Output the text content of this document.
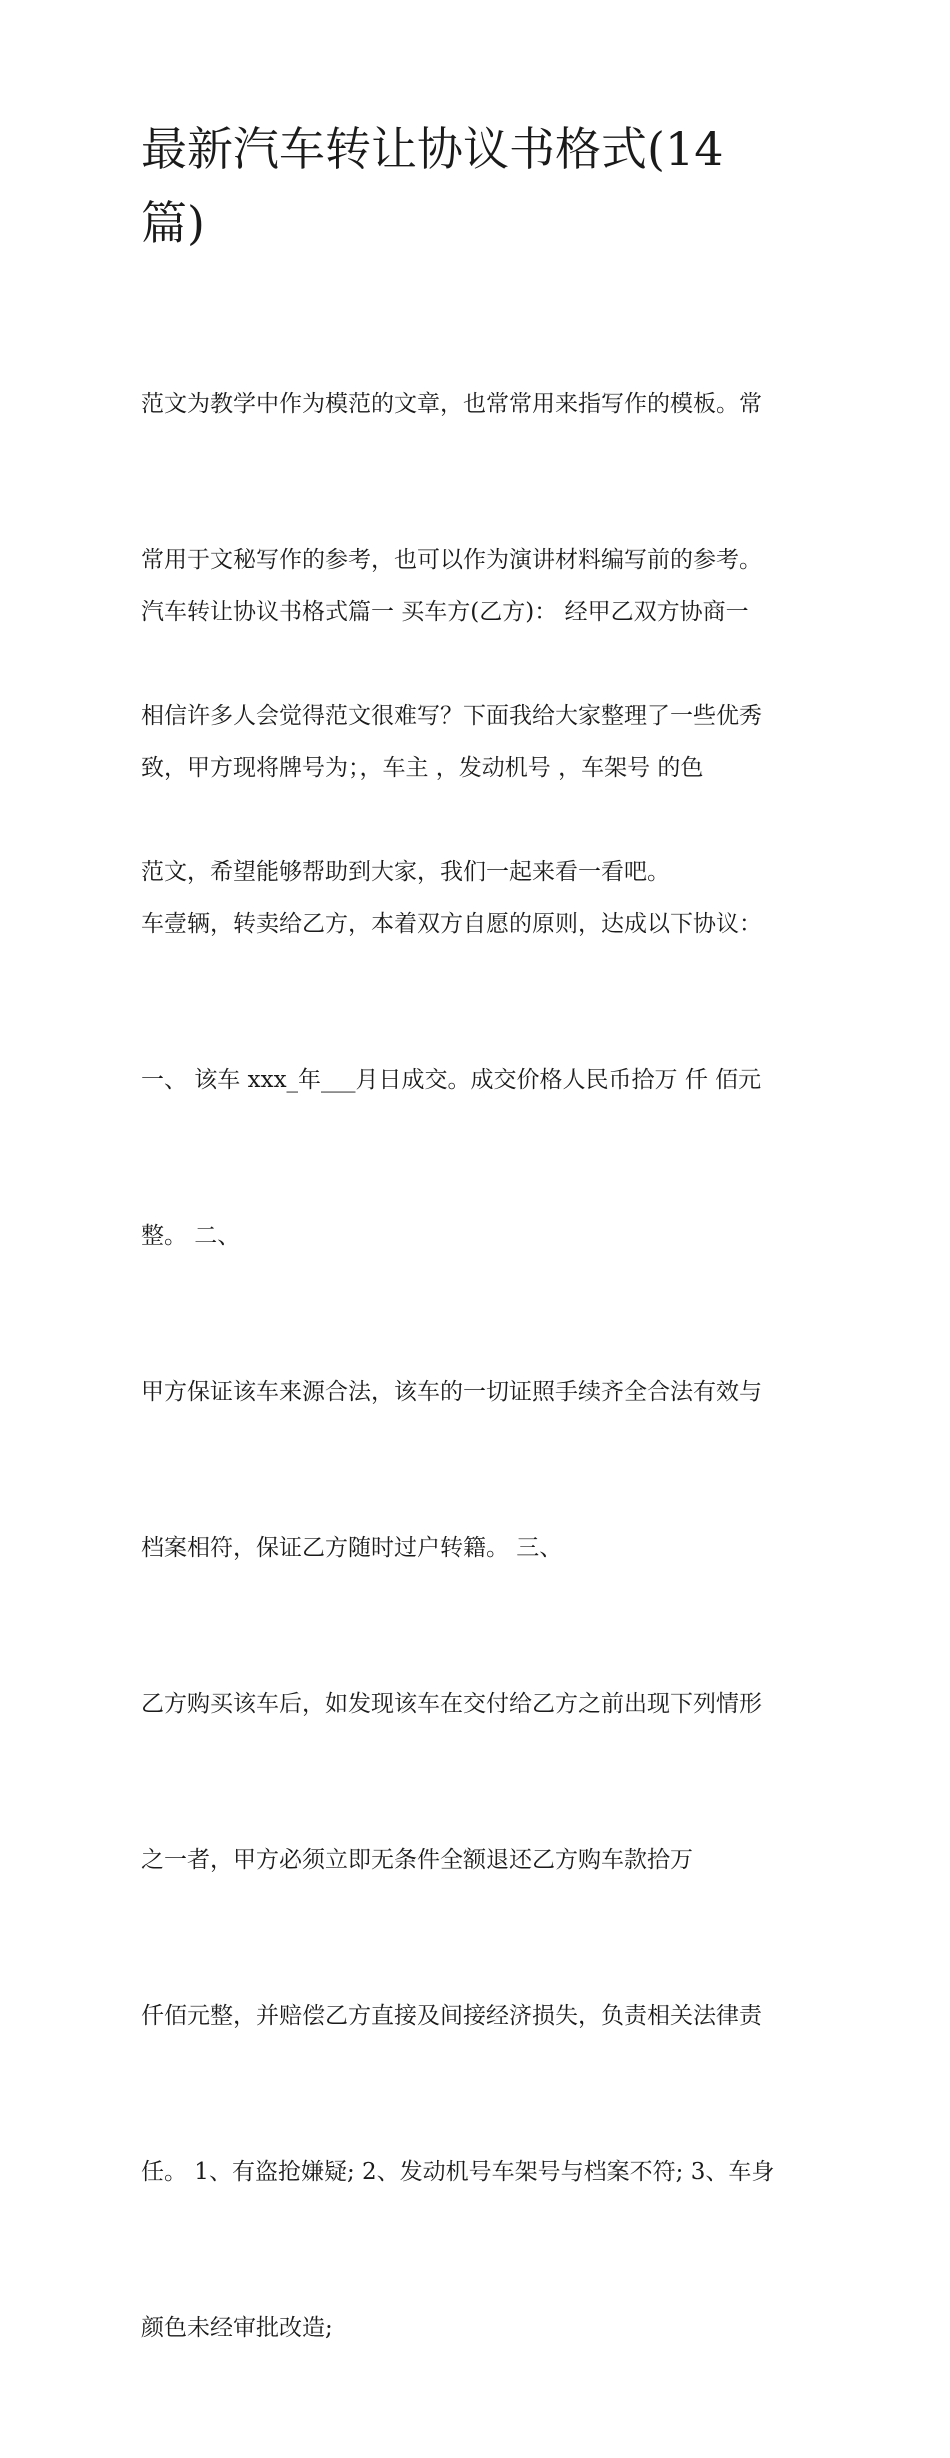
最新汽车转让协议书格式(14
篇)

范文为教学中作为模范的文章，也常常用来指写作的模板。常

常用于文秘写作的参考，也可以作为演讲材料编写前的参考。

相信许多人会觉得范文很难写？下面我给大家整理了一些优秀

范文，希望能够帮助到大家，我们一起来看一看吧。

汽车转让协议书格式篇一 买车方(乙方)： 经甲乙双方协商一

致，甲方现将牌号为；，车主 ，发动机号 ，车架号 的色

车壹辆，转卖给乙方，本着双方自愿的原则，达成以下协议：

一、 该车 xxx_年___月日成交。成交价格人民币拾万 仟 佰元

整。 二、

甲方保证该车来源合法，该车的一切证照手续齐全合法有效与

档案相符，保证乙方随时过户转籍。 三、

乙方购买该车后，如发现该车在交付给乙方之前出现下列情形

之一者，甲方必须立即无条件全额退还乙方购车款拾万

仟佰元整，并赔偿乙方直接及间接经济损失，负责相关法律责

任。 1、有盗抢嫌疑; 2、发动机号车架号与档案不符; 3、车身

颜色未经审批改造;
